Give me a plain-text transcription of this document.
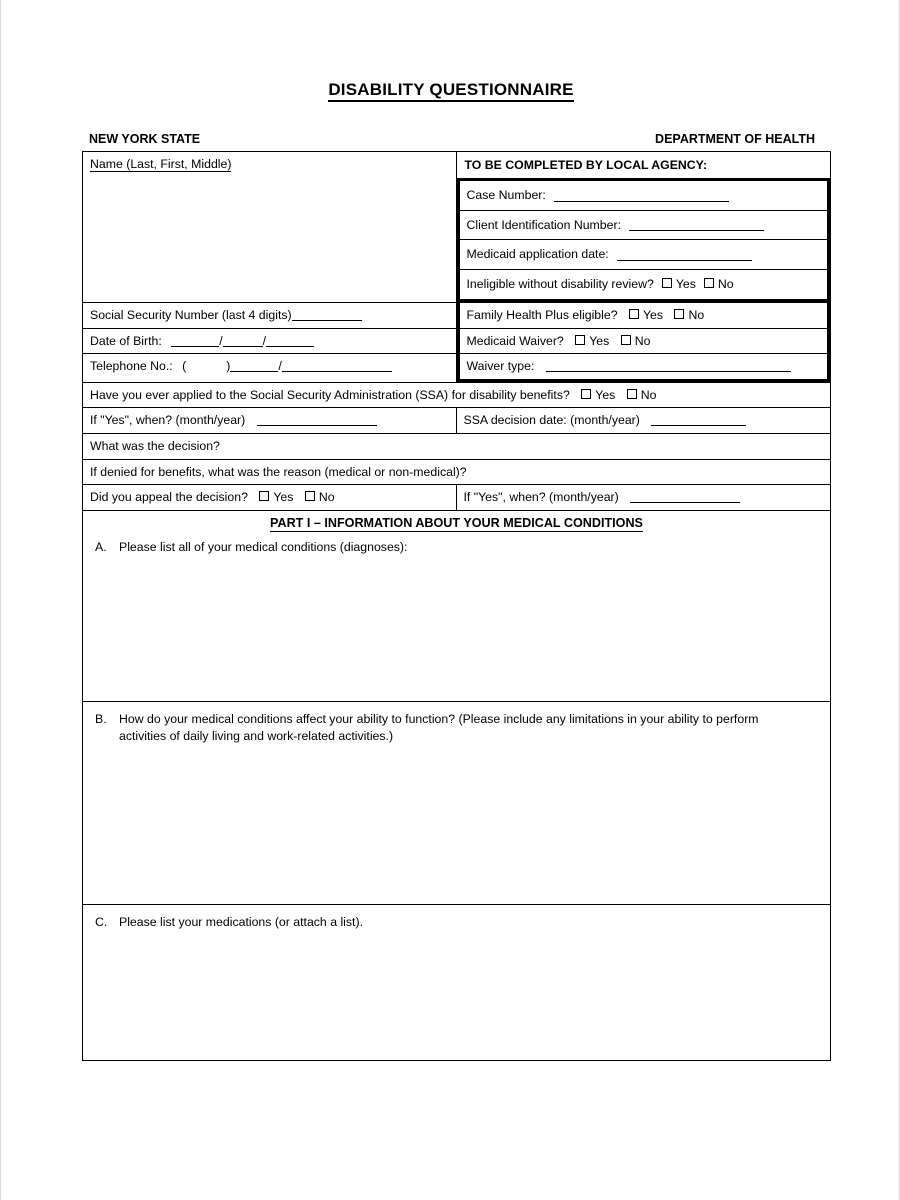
DISABILITY QUESTIONNAIRE
NEW YORK STATE	DEPARTMENT OF HEALTH
Name (Last, First, Middle)	TO BE COMPLETED BY LOCAL AGENCY:
Case Number:
Client Identification Number:
Medicaid application date:
Ineligible without disability review?	Yes	No
Social Security Number (last 4 digits)	Family Health Plus eligible? Yes No
Date of Birth:	/	/	Medicaid Waiver? Yes No
Telephone No.: (	)	/	Waiver type:
Have you ever applied to the Social Security Administration (SSA) for disability benefits? Yes No
If "Yes", when? (month/year)	SSA decision date: (month/year)
What was the decision?
If denied for benefits, what was the reason (medical or non-medical)?
Did you appeal the decision? Yes No	If "Yes", when? (month/year)
PART I – INFORMATION ABOUT YOUR MEDICAL CONDITIONS
A.	Please list all of your medical conditions (diagnoses):
B.	How do your medical conditions affect your ability to function? (Please include any limitations in your ability to perform activities of daily living and work-related activities.)
C. Please list your medications (or attach a list).
